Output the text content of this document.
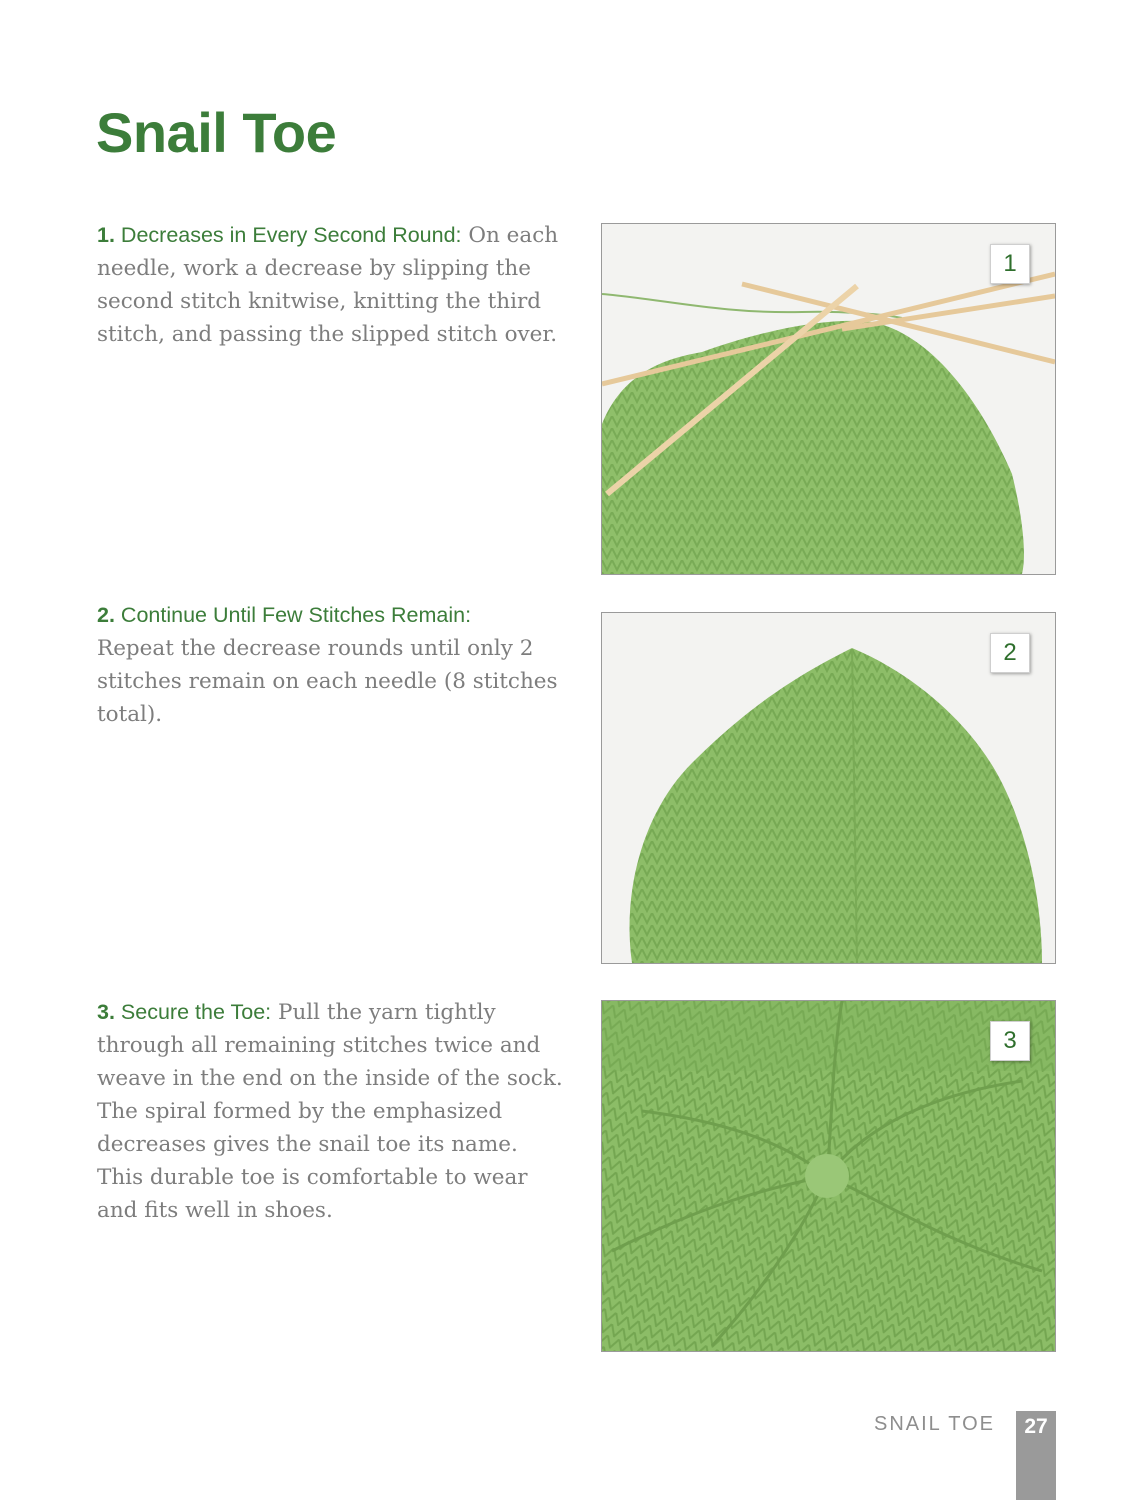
Snail Toe
1. Decreases in Every Second Round: On each needle, work a decrease by slipping the second stitch knitwise, knitting the third stitch, and passing the slipped stitch over.
1
2. Continue Until Few Stitches Remain:
Repeat the decrease rounds until only 2 stitches remain on each needle (8 stitches total).
2
3. Secure the Toe: Pull the yarn tightly through all remaining stitches twice and weave in the end on the inside of the sock. The spiral formed by the emphasized decreases gives the snail toe its name. This durable toe is comfortable to wear and fits well in shoes.
3
SNAIL TOE	27
